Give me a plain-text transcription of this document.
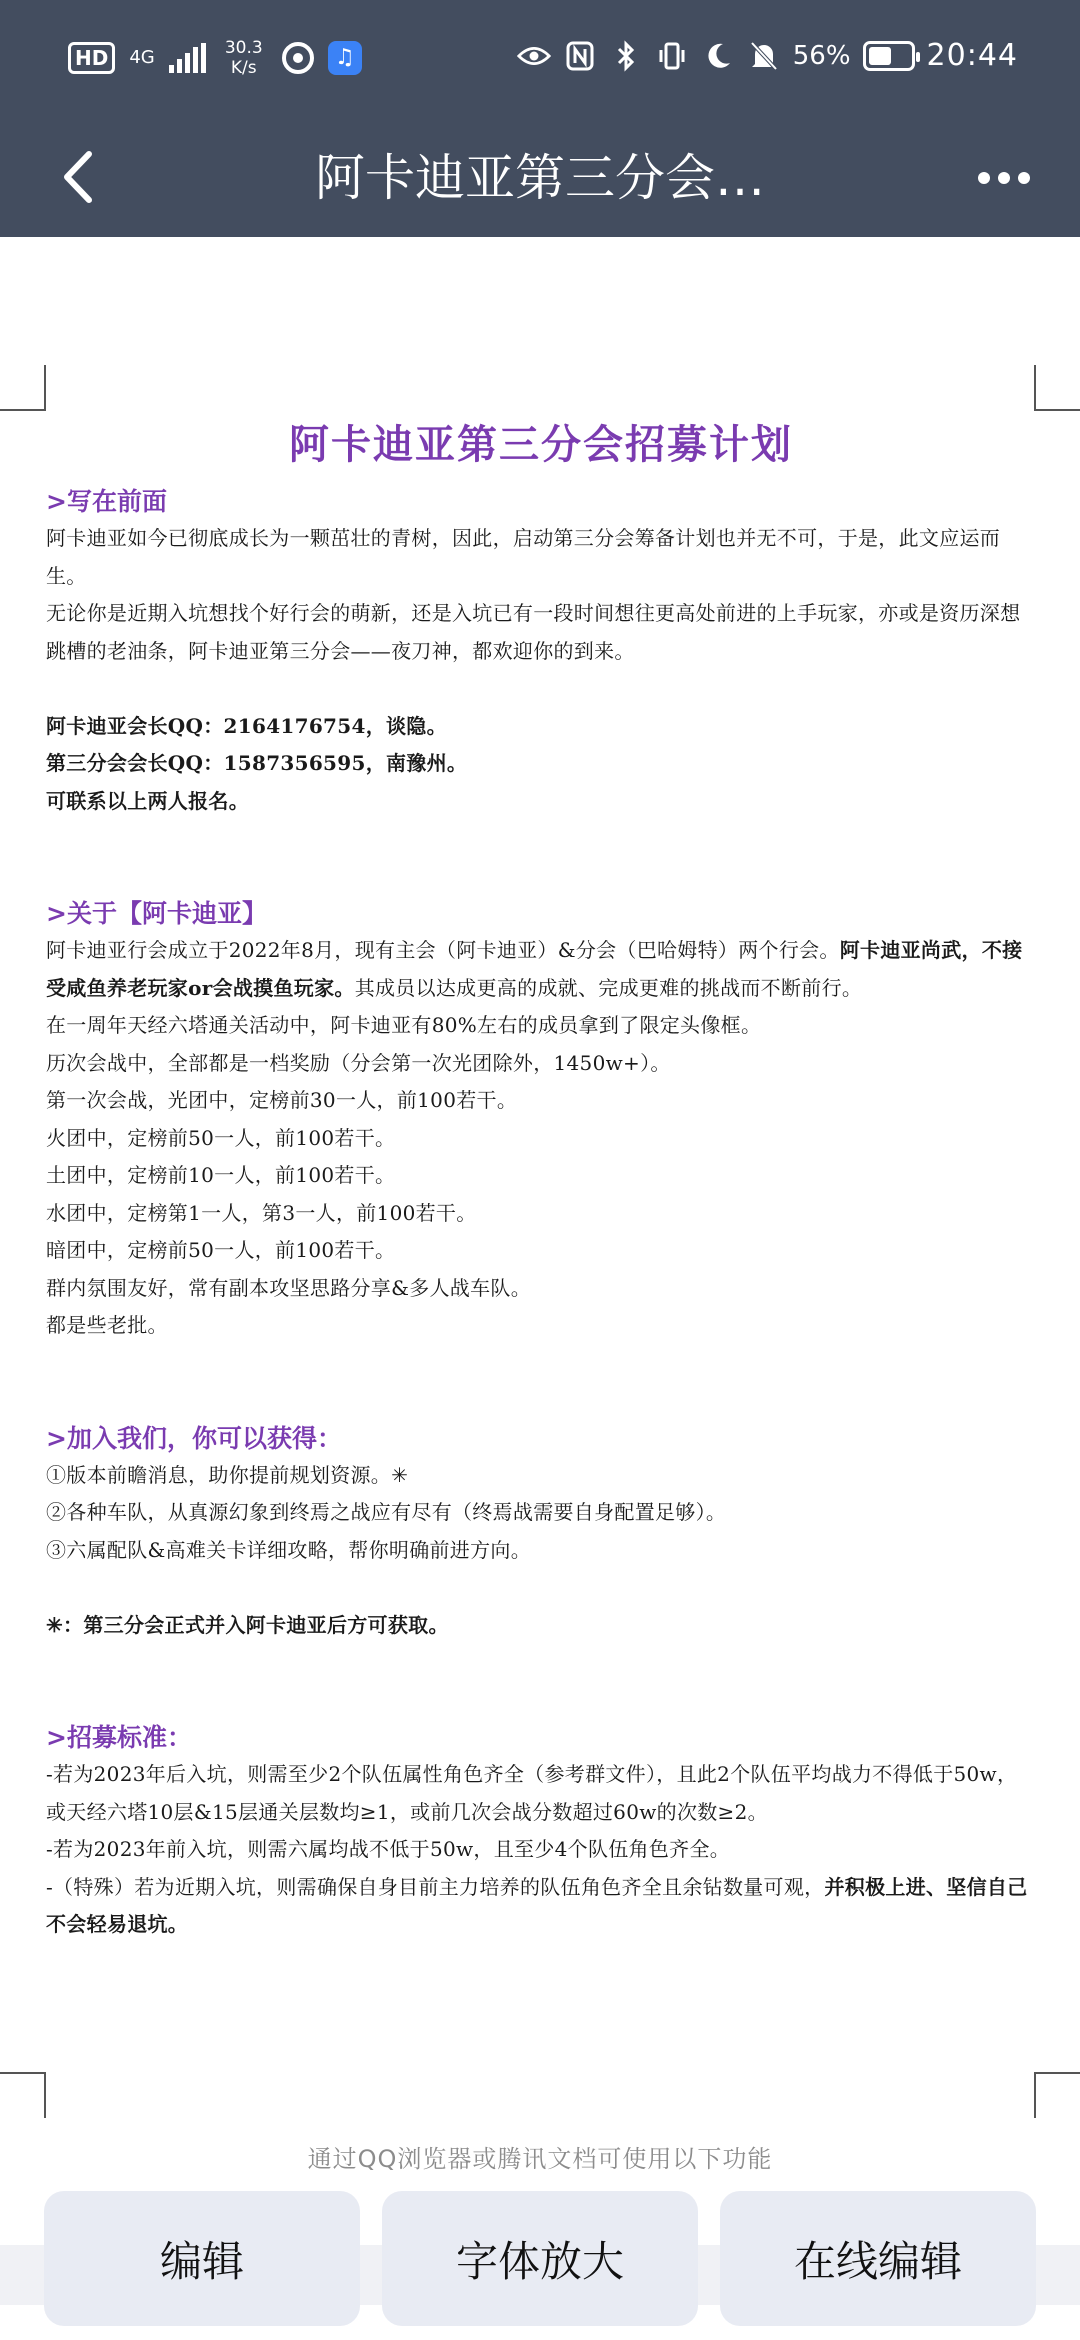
HD	4G	30.3
K/s	♫	56%	20:44
阿卡迪亚第三分会…
阿卡迪亚第三分会招募计划
>写在前面
阿卡迪亚如今已彻底成长为一颗茁壮的青树，因此，启动第三分会筹备计划也并无不可，于是，此文应运而生。
无论你是近期入坑想找个好行会的萌新，还是入坑已有一段时间想往更高处前进的上手玩家，亦或是资历深想跳槽的老油条，阿卡迪亚第三分会——夜刀神，都欢迎你的到来。
阿卡迪亚会长QQ：2164176754，谈隐。
第三分会会长QQ：1587356595，南豫州。
可联系以上两人报名。
>关于【阿卡迪亚】
阿卡迪亚行会成立于2022年8月，现有主会（阿卡迪亚）&分会（巴哈姆特）两个行会。阿卡迪亚尚武，不接受咸鱼养老玩家or会战摸鱼玩家。其成员以达成更高的成就、完成更难的挑战而不断前行。
在一周年天经六塔通关活动中，阿卡迪亚有80%左右的成员拿到了限定头像框。
历次会战中，全部都是一档奖励（分会第一次光团除外，1450w+）。
第一次会战，光团中，定榜前30一人，前100若干。
火团中，定榜前50一人，前100若干。
土团中，定榜前10一人，前100若干。
水团中，定榜第1一人，第3一人，前100若干。
暗团中，定榜前50一人，前100若干。
群内氛围友好，常有副本攻坚思路分享&多人战车队。
都是些老批。
>加入我们，你可以获得：
①版本前瞻消息，助你提前规划资源。✳
②各种车队，从真源幻象到终焉之战应有尽有（终焉战需要自身配置足够）。
③六属配队&高难关卡详细攻略，帮你明确前进方向。
✳：第三分会正式并入阿卡迪亚后方可获取。
>招募标准：
-若为2023年后入坑，则需至少2个队伍属性角色齐全（参考群文件），且此2个队伍平均战力不得低于50w，或天经六塔10层&15层通关层数均≥1，或前几次会战分数超过60w的次数≥2。
-若为2023年前入坑，则需六属均战不低于50w，且至少4个队伍角色齐全。
-（特殊）若为近期入坑，则需确保自身目前主力培养的队伍角色齐全且余钻数量可观，并积极上进、坚信自己不会轻易退坑。
通过QQ浏览器或腾讯文档可使用以下功能
编辑	字体放大	在线编辑
